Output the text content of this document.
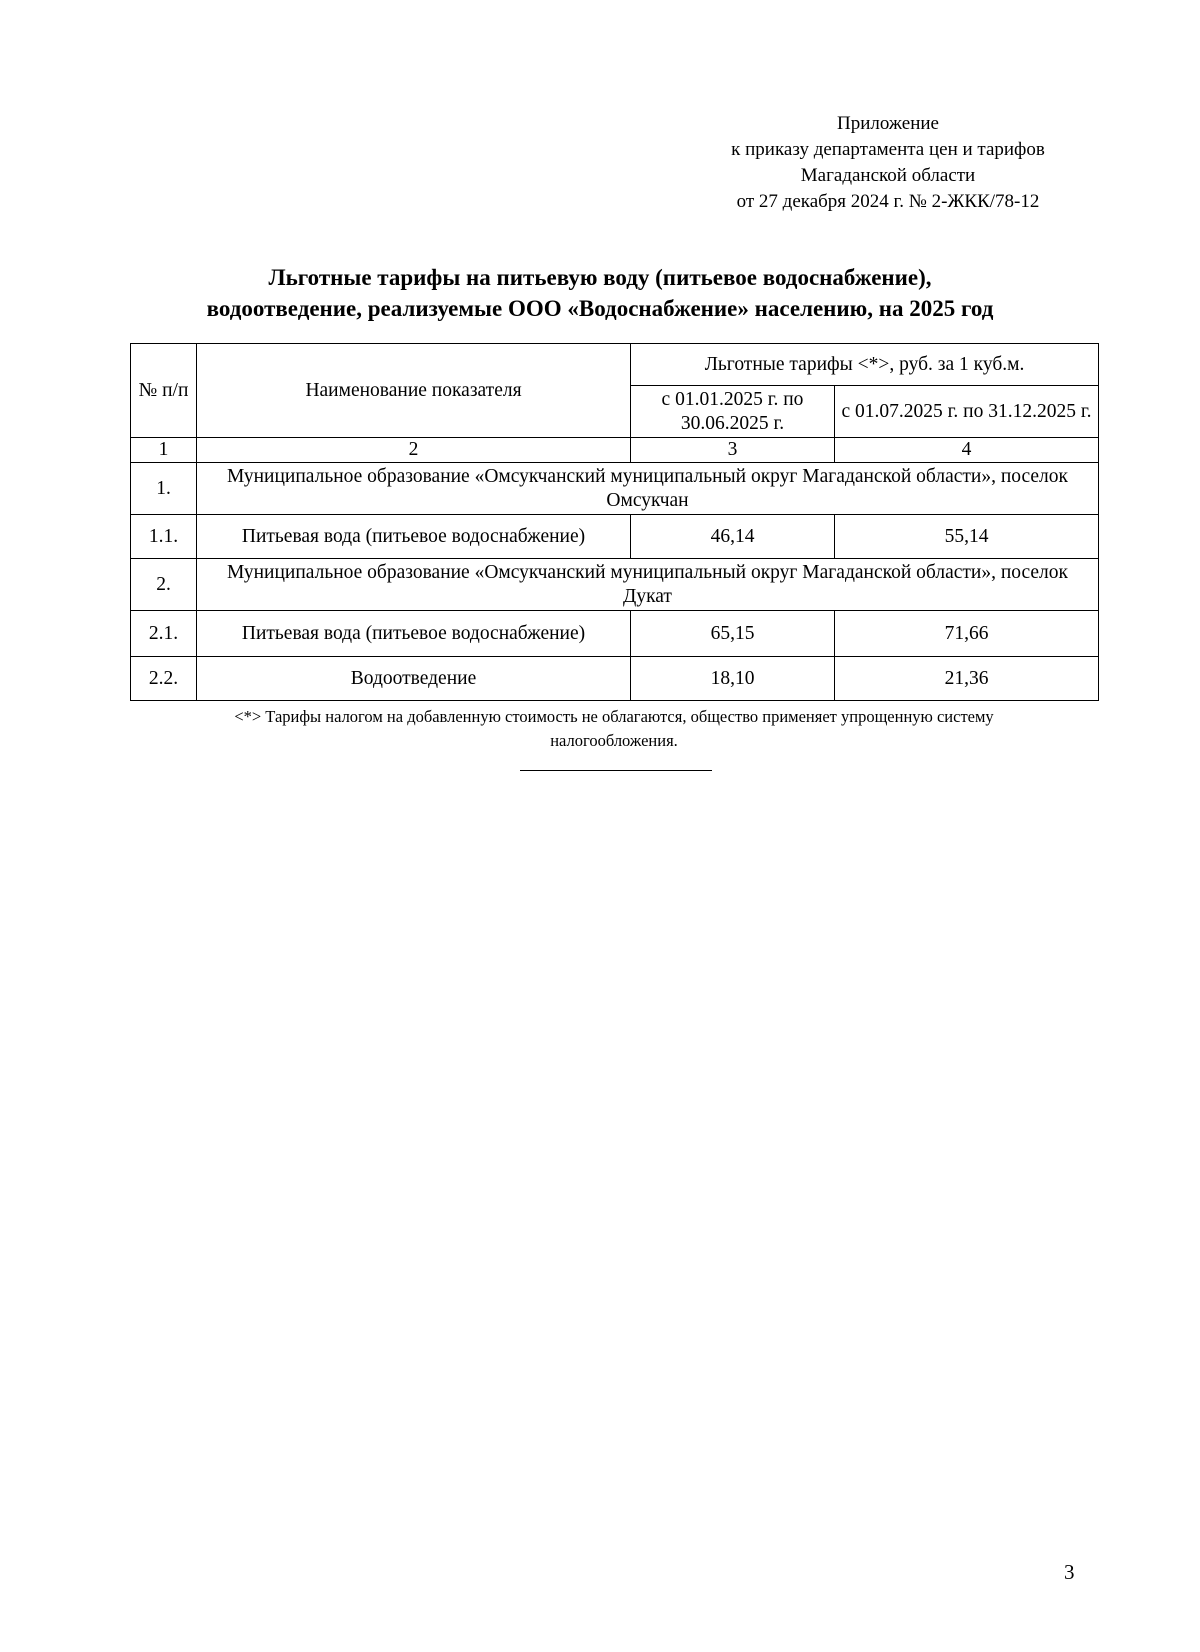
Приложение
к приказу департамента цен и тарифов
Магаданской области
от 27 декабря 2024 г. № 2-ЖКК/78-12
Льготные тарифы на питьевую воду (питьевое водоснабжение),
водоотведение, реализуемые ООО «Водоснабжение» населению, на 2025 год
№ п/п	Наименование показателя	Льготные тарифы <*>, руб. за 1 куб.м.	
		с 01.01.2025 г. по 30.06.2025 г.	с 01.07.2025 г. по 31.12.2025 г.
1	2	3	4
1.	Муниципальное образование «Омсукчанский муниципальный округ Магаданской области», поселок Омсукчан		
1.1.	Питьевая вода (питьевое водоснабжение)	46,14	55,14
2.	Муниципальное образование «Омсукчанский муниципальный округ Магаданской области», поселок Дукат		
2.1.	Питьевая вода (питьевое водоснабжение)	65,15	71,66
2.2.	Водоотведение	18,10	21,36
<*> Тарифы налогом на добавленную стоимость не облагаются, общество применяет упрощенную систему
налогообложения.
3
